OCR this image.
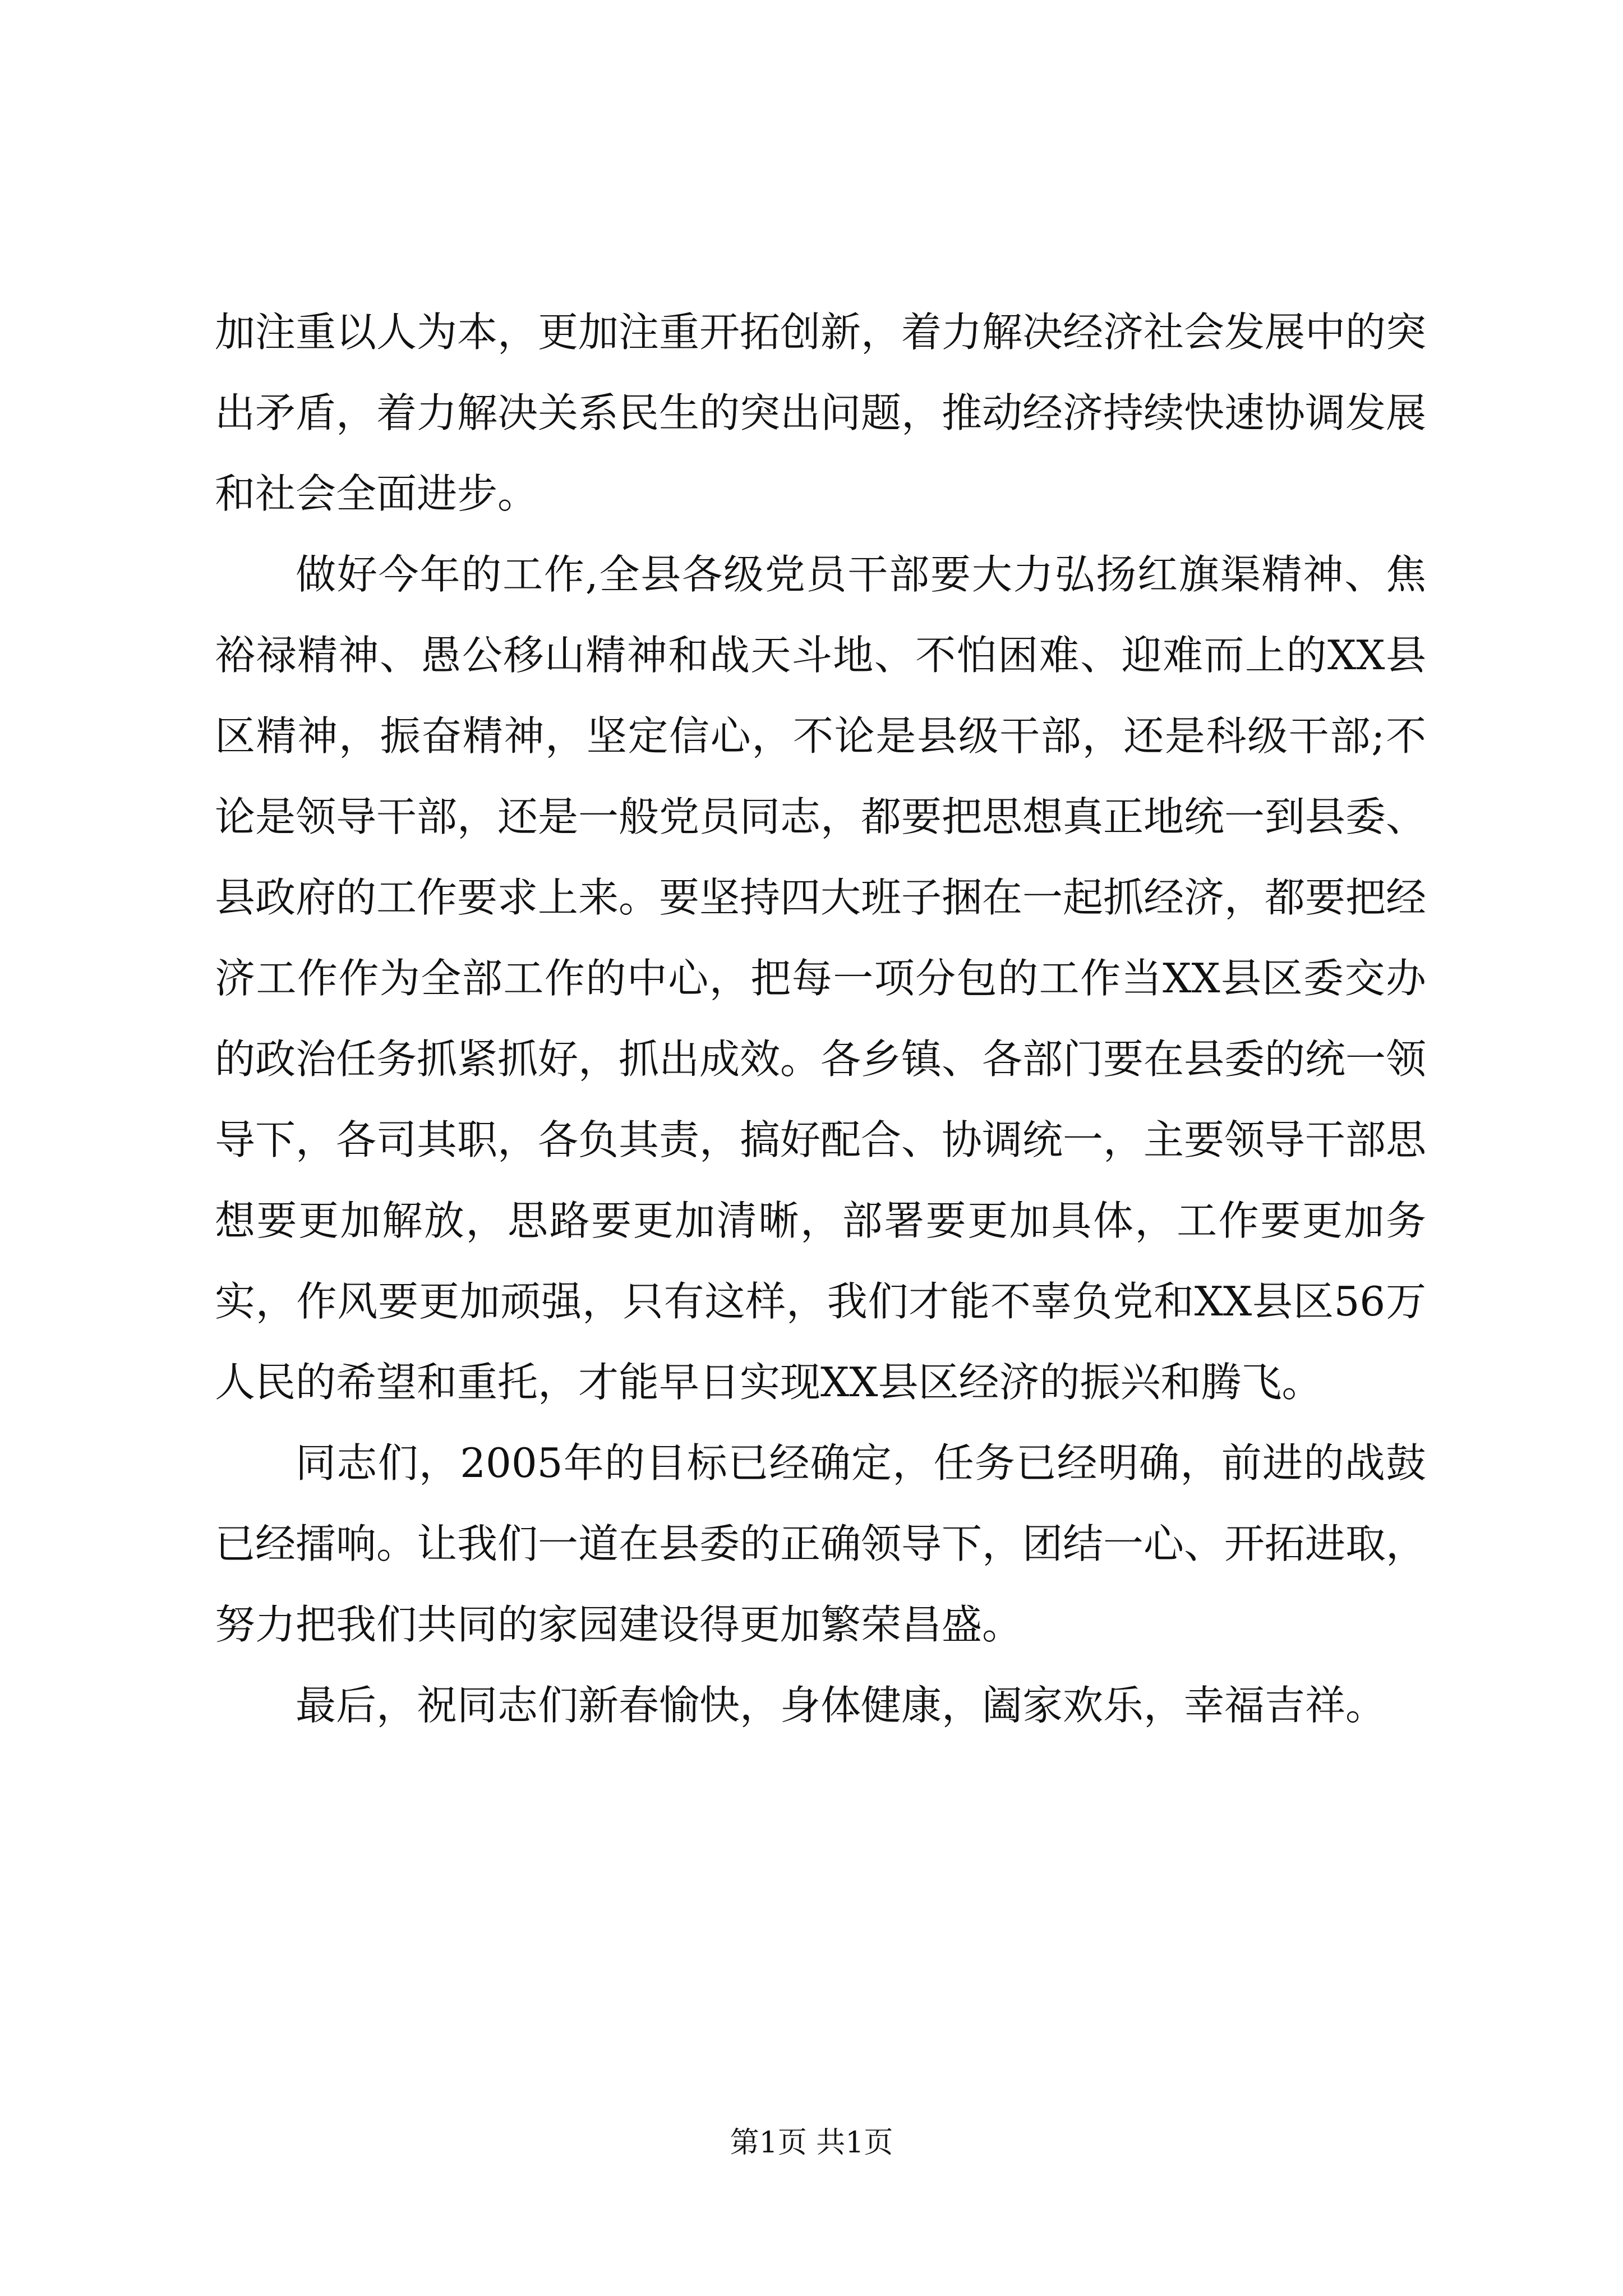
加注重以人为本，更加注重开拓创新，着力解决经济社会发展中的突出矛盾，着力解决关系民生的突出问题，推动经济持续快速协调发展和社会全面进步。

做好今年的工作,全县各级党员干部要大力弘扬红旗渠精神、焦裕禄精神、愚公移山精神和战天斗地、不怕困难、迎难而上的XX县区精神，振奋精神，坚定信心，不论是县级干部，还是科级干部;不论是领导干部，还是一般党员同志，都要把思想真正地统一到县委、县政府的工作要求上来。要坚持四大班子捆在一起抓经济，都要把经济工作作为全部工作的中心，把每一项分包的工作当XX县区委交办的政治任务抓紧抓好，抓出成效。各乡镇、各部门要在县委的统一领导下，各司其职，各负其责，搞好配合、协调统一，主要领导干部思想要更加解放，思路要更加清晰，部署要更加具体，工作要更加务实，作风要更加顽强，只有这样，我们才能不辜负党和XX县区56万人民的希望和重托，才能早日实现XX县区经济的振兴和腾飞。

同志们，2005年的目标已经确定，任务已经明确，前进的战鼓已经擂响。让我们一道在县委的正确领导下，团结一心、开拓进取，努力把我们共同的家园建设得更加繁荣昌盛。

最后，祝同志们新春愉快，身体健康，阖家欢乐，幸福吉祥。

第1页 共1页
